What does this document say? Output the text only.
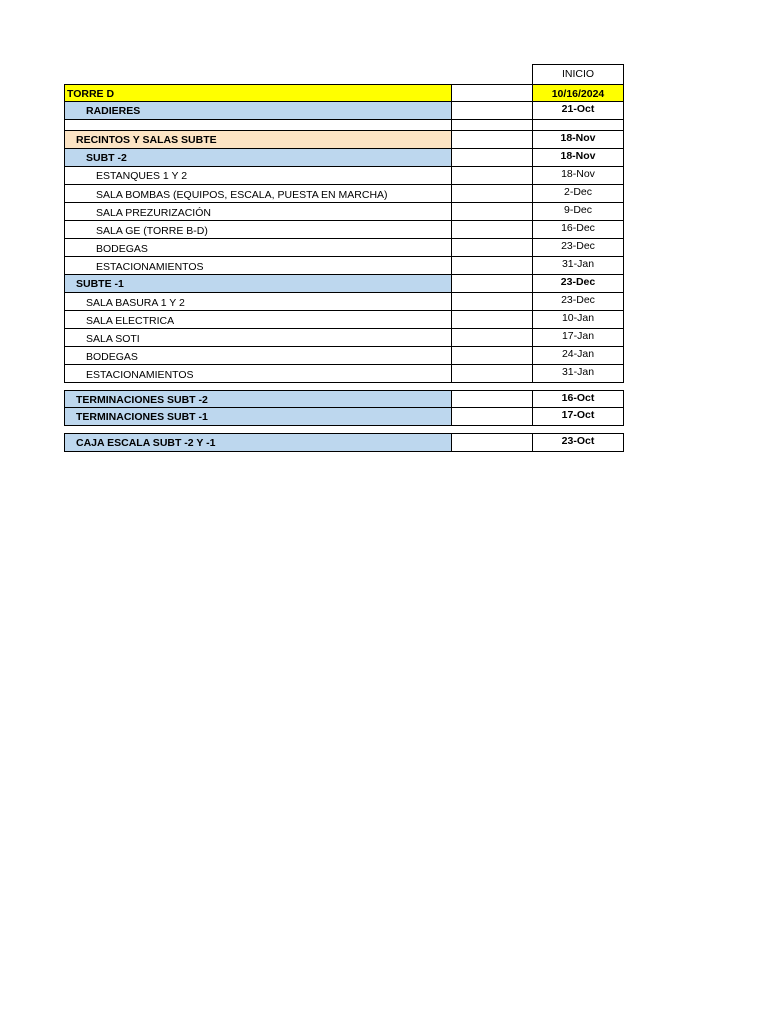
INICIO
TORRE D	10/16/2024
RADIERES	21-Oct
RECINTOS Y SALAS SUBTE	18-Nov
SUBT -2	18-Nov
ESTANQUES 1 Y 2	18-Nov
SALA BOMBAS (EQUIPOS, ESCALA, PUESTA EN MARCHA)	2-Dec
SALA PREZURIZACIÓN	9-Dec
SALA GE (TORRE B-D)	16-Dec
BODEGAS	23-Dec
ESTACIONAMIENTOS	31-Jan
SUBTE -1	23-Dec
SALA BASURA 1 Y 2	23-Dec
SALA ELECTRICA	10-Jan
SALA SOTI	17-Jan
BODEGAS	24-Jan
ESTACIONAMIENTOS	31-Jan
TERMINACIONES SUBT -2	16-Oct
TERMINACIONES SUBT -1	17-Oct
CAJA ESCALA SUBT -2 Y -1	23-Oct
